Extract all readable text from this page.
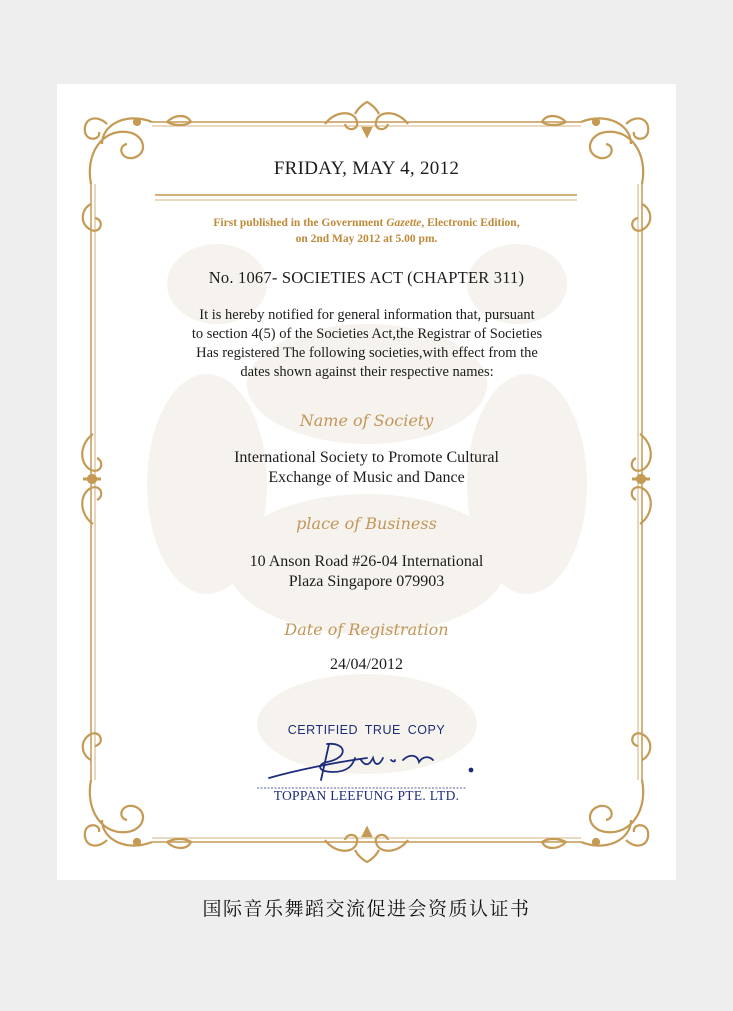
FRIDAY, MAY 4, 2012
First published in the Government Gazette, Electronic Edition,
on 2nd May 2012 at 5.00 pm.
No. 1067- SOCIETIES ACT (CHAPTER 311)
It is hereby notified for general information that, pursuant
to section 4(5) of the Societies Act,the Registrar of Societies
Has registered The following societies,with effect from the
dates shown against their respective names:
Name of Society
International Society to Promote Cultural
Exchange of Music and Dance
place of Business
10 Anson Road #26-04 International
Plaza Singapore 079903
Date of Registration
24/04/2012
CERTIFIED TRUE COPY
TOPPAN LEEFUNG PTE. LTD.
国际音乐舞蹈交流促进会资质认证书
